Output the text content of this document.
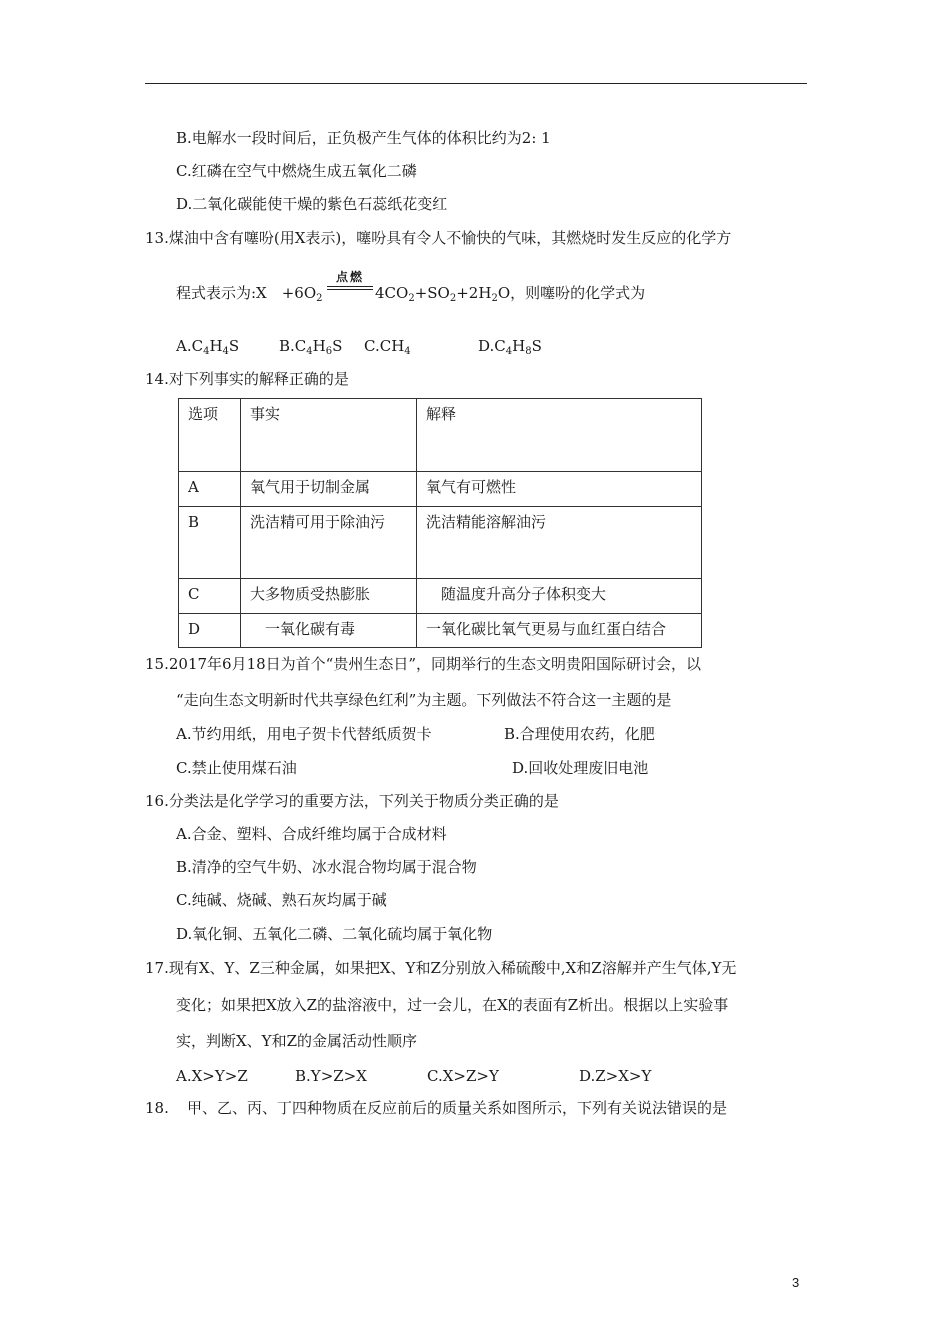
B.电解水一段时间后，正负极产生气体的体积比约为2: 1
C.红磷在空气中燃烧生成五氧化二磷
D.二氧化碳能使干燥的紫色石蕊纸花变红
13.煤油中含有噻吩(用X表示)，噻吩具有令人不愉快的气味，其燃烧时发生反应的化学方
点燃
程式表示为:X　$+6O_2$	$4CO_2+SO_2+2H_2O$，则噻吩的化学式为
$A.C_4H_4S$	$B.C_4H_6S$ $C.CH_4$	$D.C_4H_8S$
14.对下列事实的解释正确的是
选项	事实	解释
A	氧气用于切制金属	氧气有可燃性
B	洗洁精可用于除油污	洗洁精能溶解油污
C	大多物质受热膨胀	随温度升高分子体积变大
D	一氧化碳有毒	一氧化碳比氧气更易与血红蛋白结合
15.2017年6月18日为首个“贵州生态日”，同期举行的生态文明贵阳国际研讨会，以
“走向生态文明新时代共享绿色红利”为主题。下列做法不符合这一主题的是
A.节约用纸，用电子贺卡代替纸质贺卡	B.合理使用农药，化肥
C.禁止使用煤石油	D.回收处理废旧电池
16.分类法是化学学习的重要方法，下列关于物质分类正确的是
A.合金、塑料、合成纤维均属于合成材料
B.清净的空气牛奶、冰水混合物均属于混合物
C.纯碱、烧碱、熟石灰均属于碱
D.氧化铜、五氧化二磷、二氧化硫均属于氧化物
17.现有X、Y、Z三种金属，如果把X、Y和Z分别放入稀硫酸中,X和Z溶解并产生气体,Y无
变化；如果把X放入Z的盐溶液中，过一会儿，在X的表面有Z析出。根据以上实验事
实，判断X、Y和Z的金属活动性顺序
A.X>Y>Z	B.Y>Z>X	C.X>Z>Y	D.Z>X>Y
18. 甲、乙、丙、丁四种物质在反应前后的质量关系如图所示，下列有关说法错误的是
3
